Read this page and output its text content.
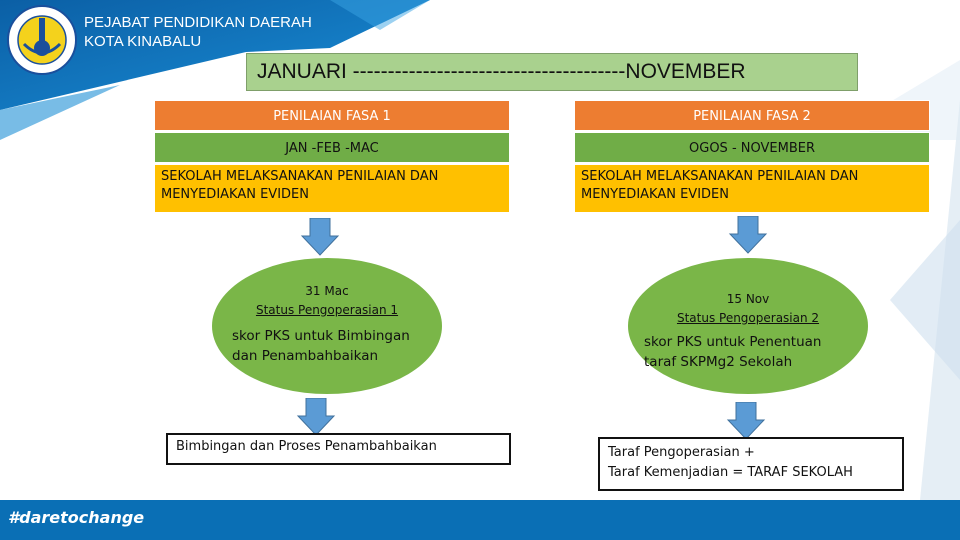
PEJABAT PENDIDIKAN DAERAH
KOTA KINABALU
JANUARI ---------------------------------------NOVEMBER
PENILAIAN FASA 1
JAN -FEB -MAC
SEKOLAH MELAKSANAKAN PENILAIAN DAN
MENYEDIAKAN EVIDEN
31 Mac
Status Pengoperasian 1
skor PKS untuk Bimbingan
dan Penambahbaikan
Bimbingan dan Proses Penambahbaikan
PENILAIAN FASA 2
OGOS - NOVEMBER
SEKOLAH MELAKSANAKAN PENILAIAN DAN
MENYEDIAKAN EVIDEN
15 Nov
Status Pengoperasian 2
skor PKS untuk Penentuan
taraf SKPMg2 Sekolah
Taraf Pengoperasian +
Taraf Kemenjadian = TARAF SEKOLAH
#daretochange
